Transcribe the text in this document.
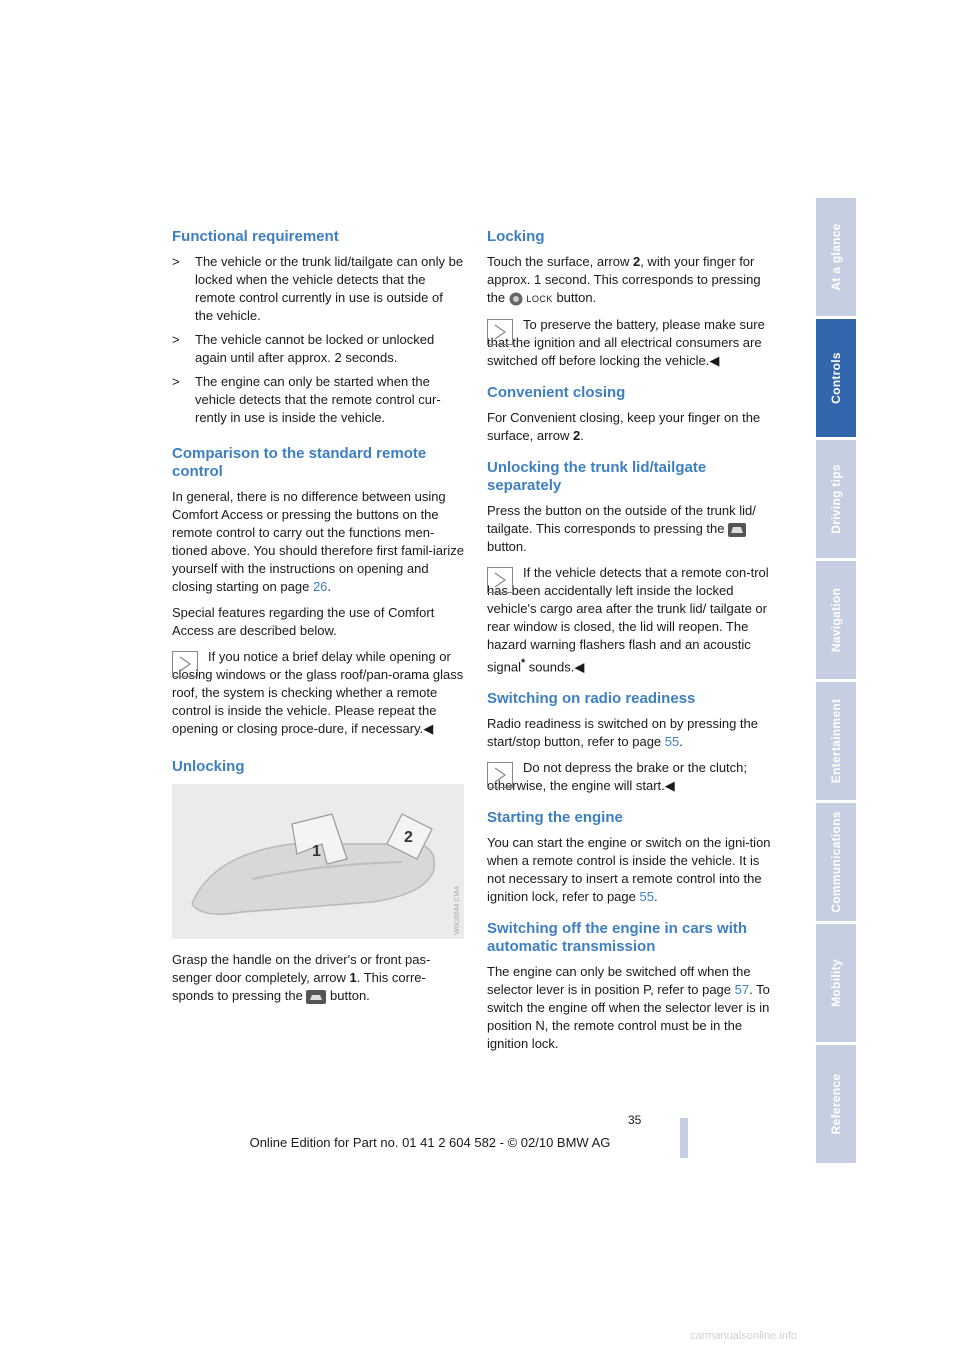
Functional requirement
> The vehicle or the trunk lid/tailgate can only be locked when the vehicle detects that the remote control currently in use is outside of the vehicle.
> The vehicle cannot be locked or unlocked again until after approx. 2 seconds.
> The engine can only be started when the vehicle detects that the remote control cur-rently in use is inside the vehicle.
Comparison to the standard remote control

In general, there is no difference between using Comfort Access or pressing the buttons on the remote control to carry out the functions men-tioned above. You should therefore first famil-iarize yourself with the instructions on opening and closing starting on page 26.

Special features regarding the use of Comfort Access are described below.

If you notice a brief delay while opening or closing windows or the glass roof/pan-orama glass roof, the system is checking whether a remote control is inside the vehicle. Please repeat the opening or closing proce-dure, if necessary.◀
Unlocking
1
2
W6C6044 CMA

Grasp the handle on the driver's or front pas-senger door completely, arrow 1. This corre-sponds to pressing the  button.

Locking

Touch the surface, arrow 2, with your finger for approx. 1 second. This corresponds to pressing the  LOCK button.

To preserve the battery, please make sure that the ignition and all electrical consumers are switched off before locking the vehicle.◀
Convenient closing

For Convenient closing, keep your finger on the surface, arrow 2.

Unlocking the trunk lid/tailgate separately

Press the button on the outside of the trunk lid/ tailgate. This corresponds to pressing the  button.

If the vehicle detects that a remote con-trol has been accidentally left inside the locked vehicle's cargo area after the trunk lid/ tailgate or rear window is closed, the lid will reopen. The hazard warning flashers flash and an acoustic signal* sounds.◀
Switching on radio readiness

Radio readiness is switched on by pressing the start/stop button, refer to page 55.

Do not depress the brake or the clutch; otherwise, the engine will start.◀
Starting the engine

You can start the engine or switch on the igni-tion when a remote control is inside the vehicle. It is not necessary to insert a remote control into the ignition lock, refer to page 55.

Switching off the engine in cars with automatic transmission

The engine can only be switched off when the selector lever is in position P, refer to page 57. To switch the engine off when the selector lever is in position N, the remote control must be in the ignition lock.

At a glance
Controls
Driving tips
Navigation
Entertainment
Communications
Mobility
Reference
35
Online Edition for Part no. 01 41 2 604 582 - © 02/10 BMW AG
carmanualsonline.info
